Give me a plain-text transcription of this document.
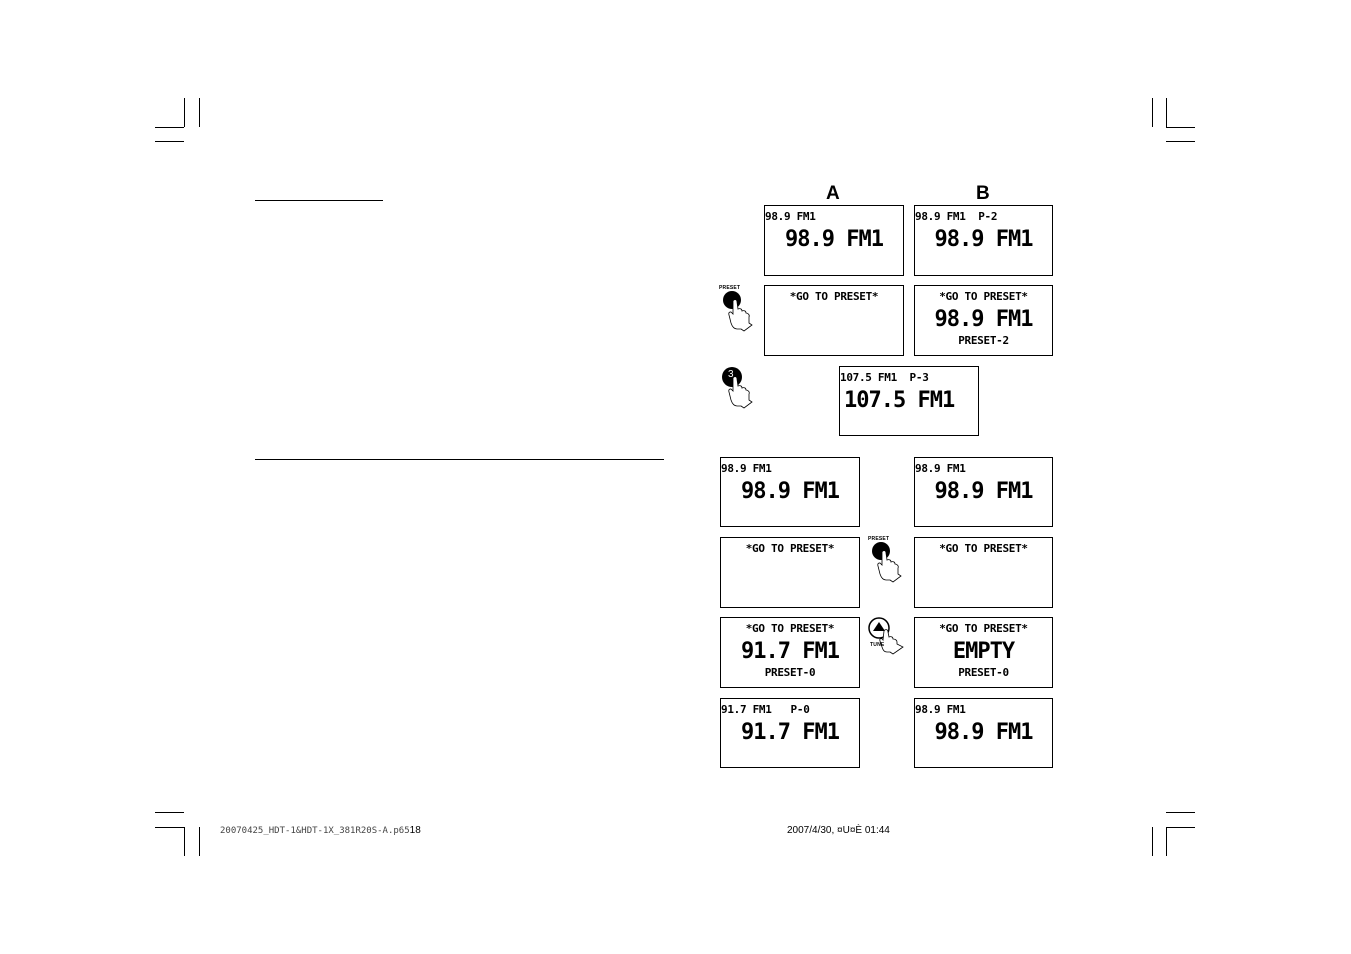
A	B
98.9 FM1
98.9 FM1
98.9 FM1  P-2
98.9 FM1
PRESET
*GO TO PRESET*	*GO TO PRESET*
98.9 FM1
PRESET-2
3	107.5 FM1  P-3
107.5 FM1
98.9 FM1
98.9 FM1
98.9 FM1
98.9 FM1
*GO TO PRESET*
PRESET
*GO TO PRESET*
*GO TO PRESET*
91.7 FM1
PRESET-0
TUNE
*GO TO PRESET*
EMPTY
PRESET-0
91.7 FM1   P-0
91.7 FM1
98.9 FM1
98.9 FM1
20070425_HDT-1&HDT-1X_381R20S-A.p6518	2007/4/30, ¤U¤È 01:44
